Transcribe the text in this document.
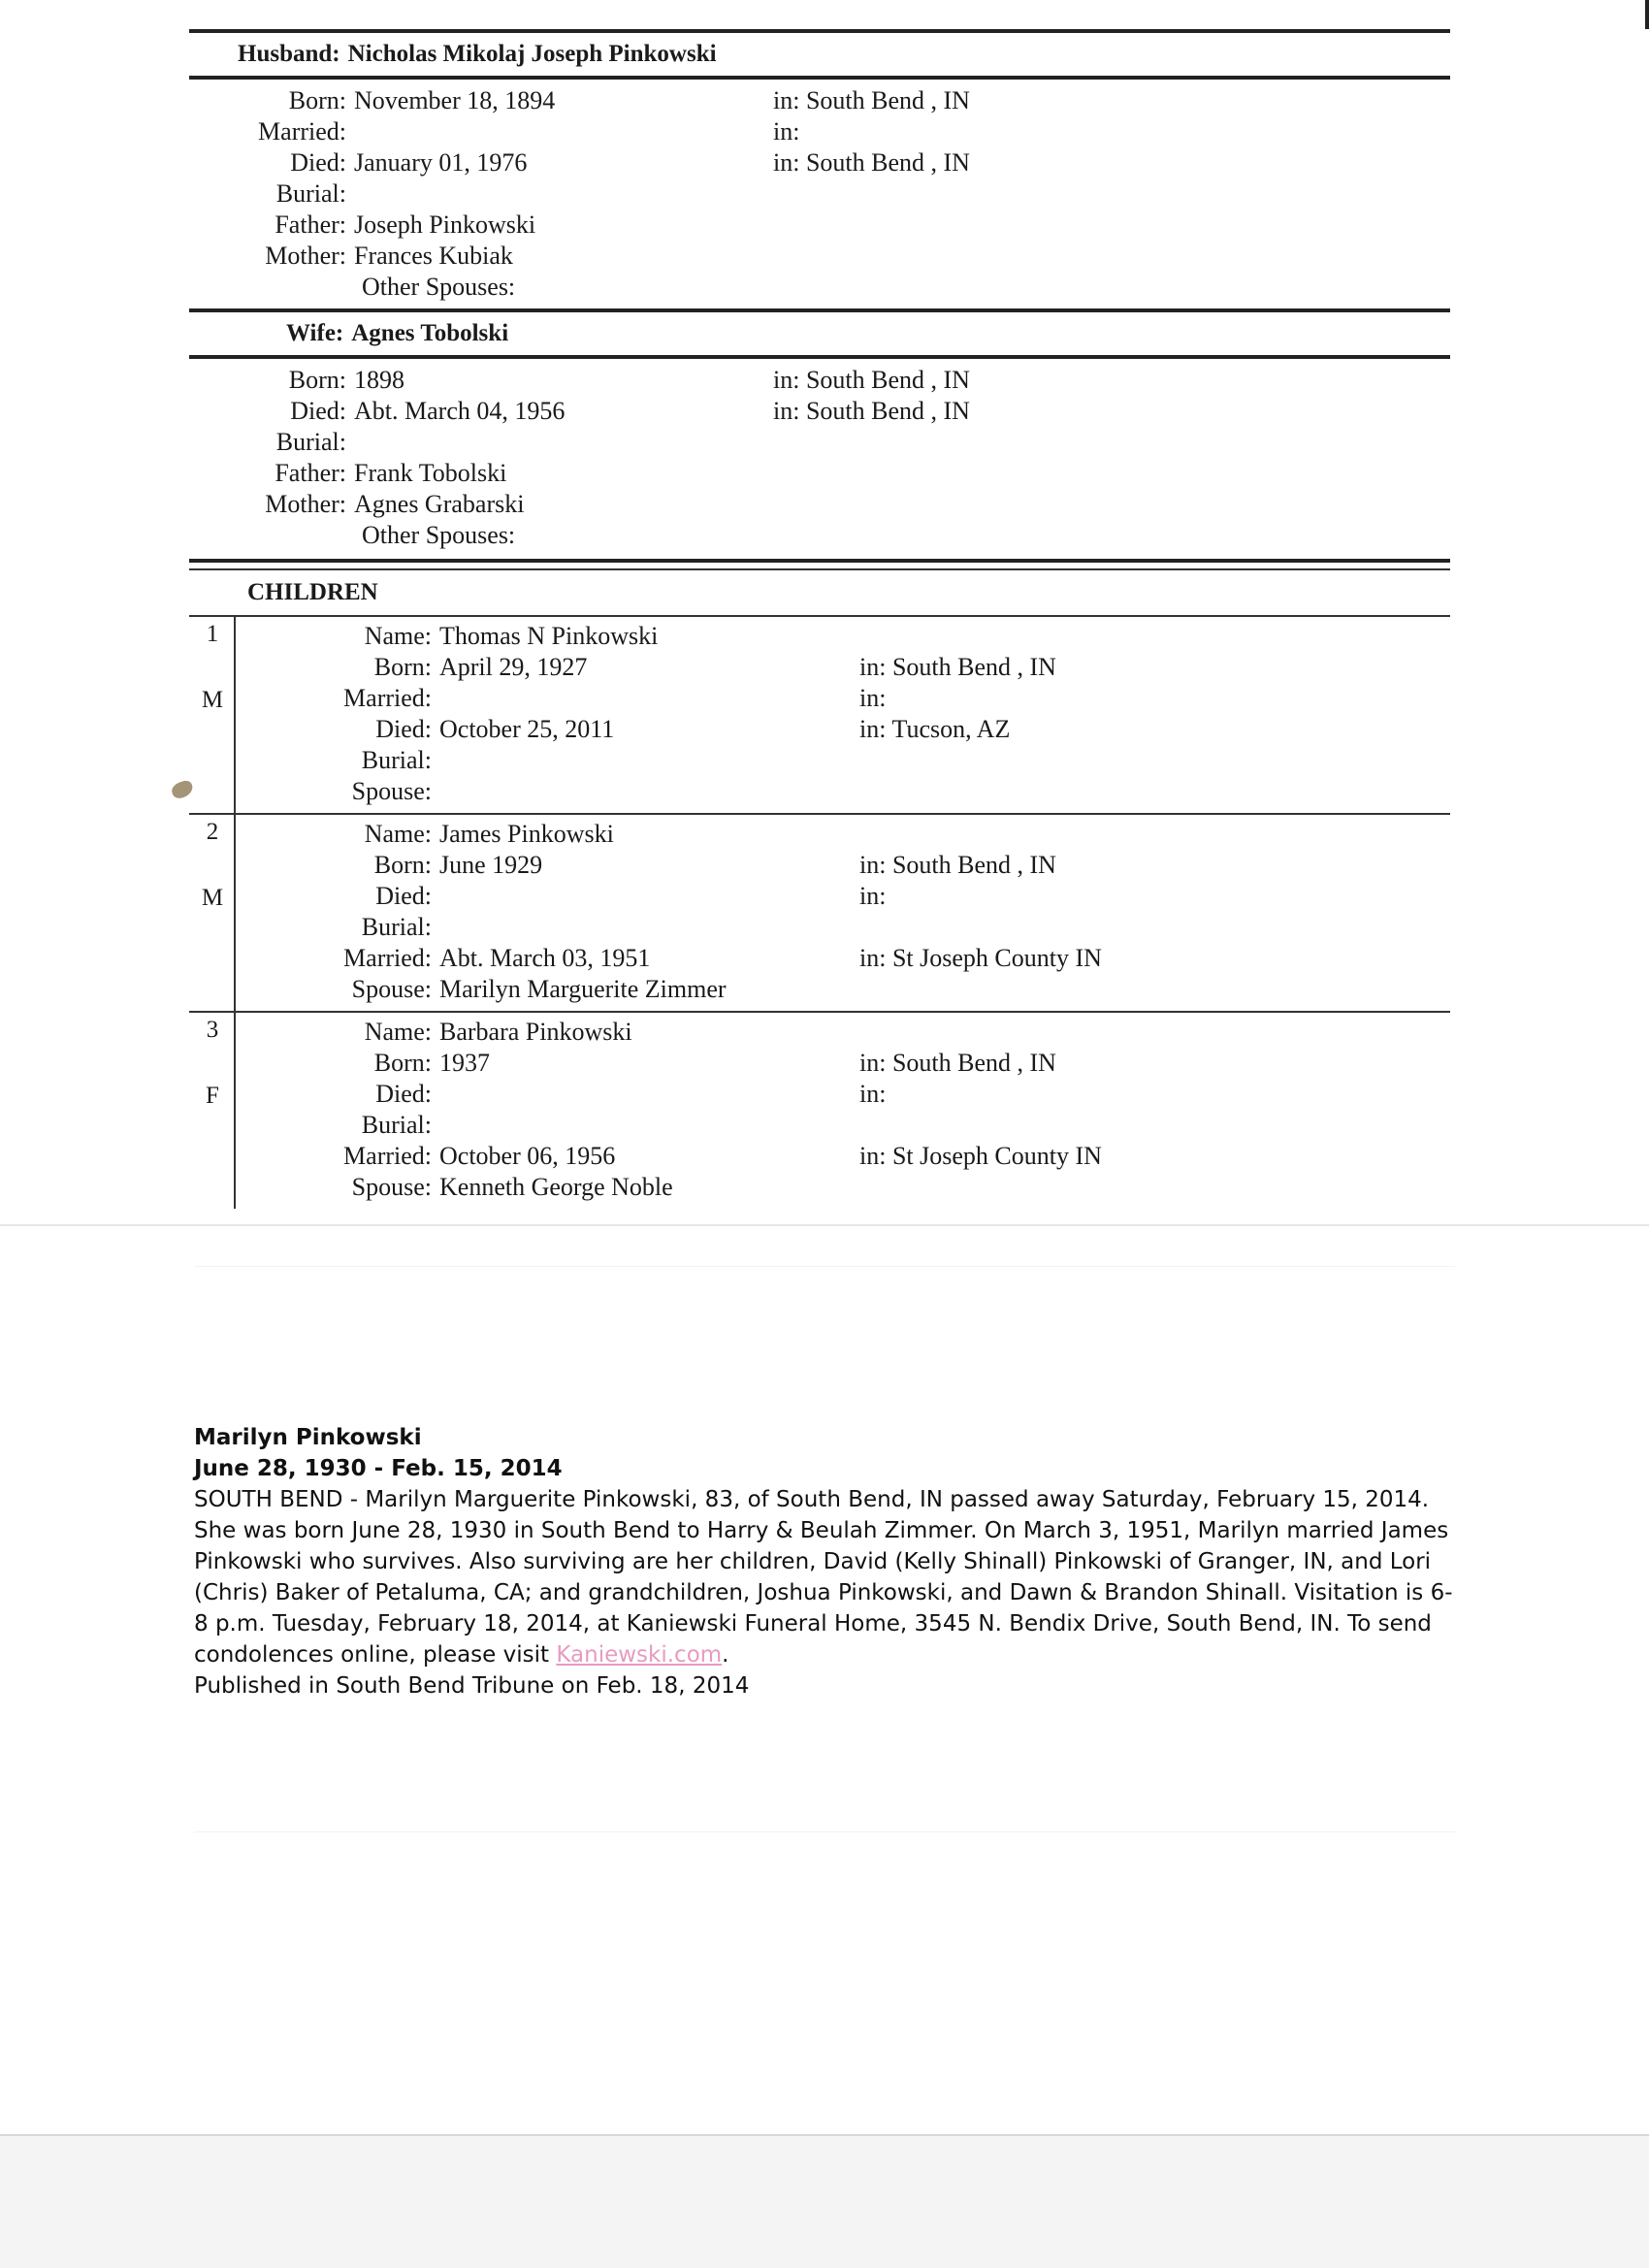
Husband: Nicholas Mikolaj Joseph Pinkowski
Born: November 18, 1894	in: South Bend , IN
Married:	in:
Died: January 01, 1976	in: South Bend , IN
Burial:
Father: Joseph Pinkowski
Mother: Frances Kubiak
Other Spouses:
Wife: Agnes Tobolski
Born: 1898	in: South Bend , IN
Died: Abt. March 04, 1956	in: South Bend , IN
Burial:
Father: Frank Tobolski
Mother: Agnes Grabarski
Other Spouses:
CHILDREN
1
M
Name: Thomas N Pinkowski
Born: April 29, 1927	in: South Bend , IN
Married:	in:
Died: October 25, 2011	in: Tucson, AZ
Burial:
Spouse:
2
M
Name: James Pinkowski
Born: June 1929	in: South Bend , IN
Died:	in:
Burial:
Married: Abt. March 03, 1951	in: St Joseph County IN
Spouse: Marilyn Marguerite Zimmer
3
F
Name: Barbara Pinkowski
Born: 1937	in: South Bend , IN
Died:	in:
Burial:
Married: October 06, 1956	in: St Joseph County IN
Spouse: Kenneth George Noble
Marilyn Pinkowski
June 28, 1930 - Feb. 15, 2014
SOUTH BEND - Marilyn Marguerite Pinkowski, 83, of South Bend, IN passed away Saturday, February 15, 2014. She was born June 28, 1930 in South Bend to Harry & Beulah Zimmer. On March 3, 1951, Marilyn married James Pinkowski who survives. Also surviving are her children, David (Kelly Shinall) Pinkowski of Granger, IN, and Lori (Chris) Baker of Petaluma, CA; and grandchildren, Joshua Pinkowski, and Dawn & Brandon Shinall. Visitation is 6-8 p.m. Tuesday, February 18, 2014, at Kaniewski Funeral Home, 3545 N. Bendix Drive, South Bend, IN. To send condolences online, please visit Kaniewski.com.
Published in South Bend Tribune on Feb. 18, 2014
